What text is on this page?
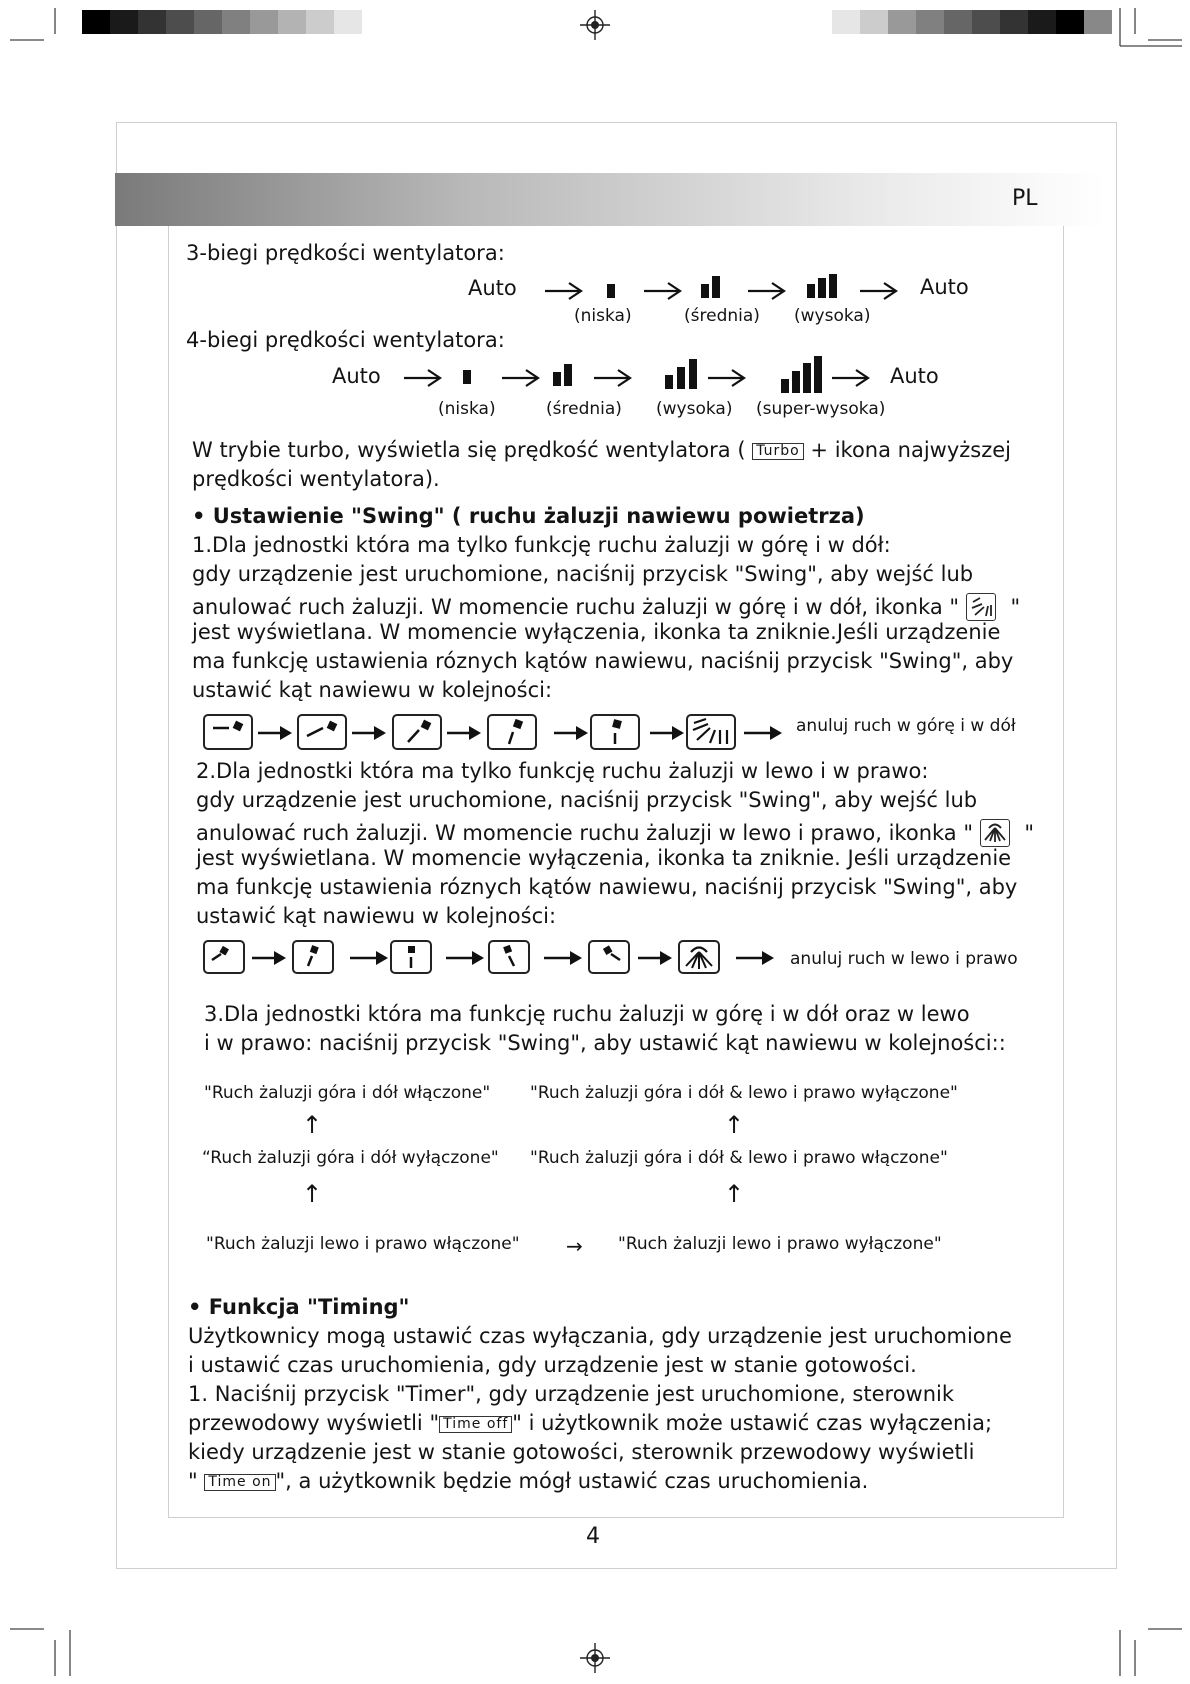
PL
3-biegi prędkości wentylatora:
4-biegi prędkości wentylatora:
Auto	Auto
(niska)	(średnia) (wysoka)
Auto	Auto
(niska)	(średnia) (wysoka) (super-wysoka)
W trybie turbo, wyświetla się prędkość wentylatora ( Turbo + ikona najwyższej
prędkości wentylatora).
• Ustawienie "Swing" ( ruchu żaluzji nawiewu powietrza)
1.Dla jednostki która ma tylko funkcję ruchu żaluzji w górę i w dół:
gdy urządzenie jest uruchomione, naciśnij przycisk "Swing", aby wejść lub
anulować ruch żaluzji. W momencie ruchu żaluzji w górę i w dół, ikonka " "
jest wyświetlana. W momencie wyłączenia, ikonka ta zniknie.Jeśli urządzenie
ma funkcję ustawienia róznych kątów nawiewu, naciśnij przycisk "Swing", aby
ustawić kąt nawiewu w kolejności:
anuluj ruch w górę i w dół
2.Dla jednostki która ma tylko funkcję ruchu żaluzji w lewo i w prawo:
gdy urządzenie jest uruchomione, naciśnij przycisk "Swing", aby wejść lub
anulować ruch żaluzji. W momencie ruchu żaluzji w lewo i prawo, ikonka " "
jest wyświetlana. W momencie wyłączenia, ikonka ta zniknie. Jeśli urządzenie
ma funkcję ustawienia róznych kątów nawiewu, naciśnij przycisk "Swing", aby
ustawić kąt nawiewu w kolejności:
anuluj ruch w lewo i prawo
3.Dla jednostki która ma funkcję ruchu żaluzji w górę i w dół oraz w lewo
i w prawo: naciśnij przycisk "Swing", aby ustawić kąt nawiewu w kolejności::
"Ruch żaluzji góra i dół włączone" "Ruch żaluzji góra i dół & lewo i prawo wyłączone"
↑	↑
“Ruch żaluzji góra i dół wyłączone" "Ruch żaluzji góra i dół & lewo i prawo włączone"
↑	↑
"Ruch żaluzji lewo i prawo włączone" → "Ruch żaluzji lewo i prawo wyłączone"
• Funkcja "Timing"
Użytkownicy mogą ustawić czas wyłączania, gdy urządzenie jest uruchomione
i ustawić czas uruchomienia, gdy urządzenie jest w stanie gotowości.
1. Naciśnij przycisk "Timer", gdy urządzenie jest uruchomione, sterownik
przewodowy wyświetli " Time off " i użytkownik może ustawić czas wyłączenia;
kiedy urządzenie jest w stanie gotowości, sterownik przewodowy wyświetli
" Time on ", a użytkownik będzie mógł ustawić czas uruchomienia.
4
